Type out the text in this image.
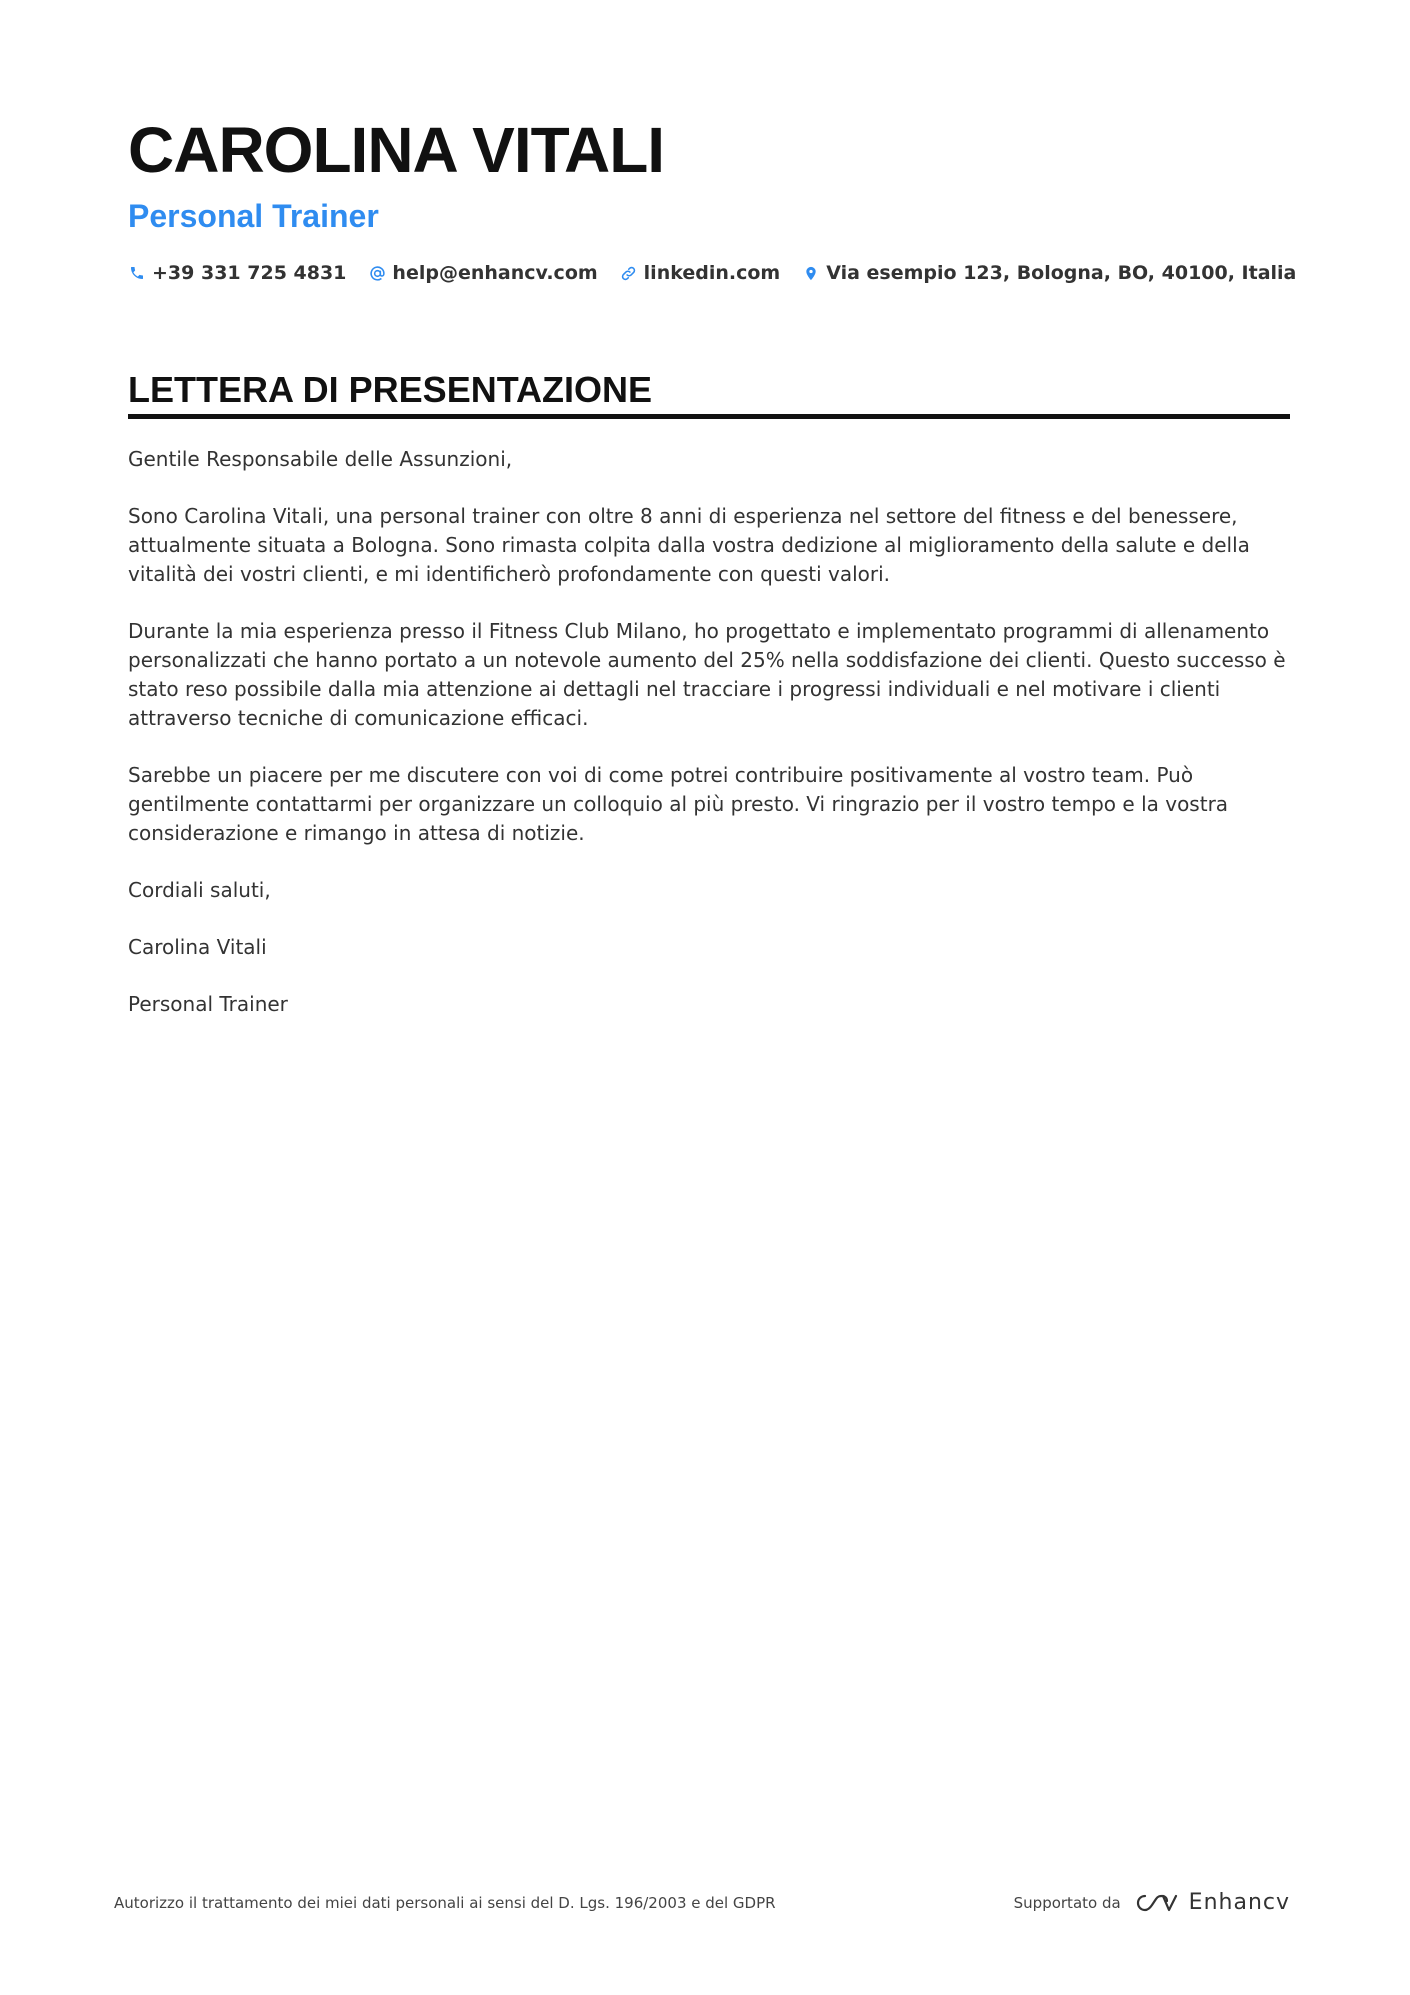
CAROLINA VITALI
Personal Trainer
+39 331 725 4831 help@enhancv.com linkedin.com Via esempio 123, Bologna, BO, 40100, Italia
LETTERA DI PRESENTAZIONE

Gentile Responsabile delle Assunzioni,

Sono Carolina Vitali, una personal trainer con oltre 8 anni di esperienza nel settore del fitness e del benessere, attualmente situata a Bologna. Sono rimasta colpita dalla vostra dedizione al miglioramento della salute e della vitalità dei vostri clienti, e mi identificherò profondamente con questi valori.

Durante la mia esperienza presso il Fitness Club Milano, ho progettato e implementato programmi di allenamento personalizzati che hanno portato a un notevole aumento del 25% nella soddisfazione dei clienti. Questo successo è stato reso possibile dalla mia attenzione ai dettagli nel tracciare i progressi individuali e nel motivare i clienti attraverso tecniche di comunicazione efficaci.

Sarebbe un piacere per me discutere con voi di come potrei contribuire positivamente al vostro team. Può gentilmente contattarmi per organizzare un colloquio al più presto. Vi ringrazio per il vostro tempo e la vostra considerazione e rimango in attesa di notizie.

Cordiali saluti,

Carolina Vitali

Personal Trainer

Autorizzo il trattamento dei miei dati personali ai sensi del D. Lgs. 196/2003 e del GDPR	Supportato da	Enhancv
